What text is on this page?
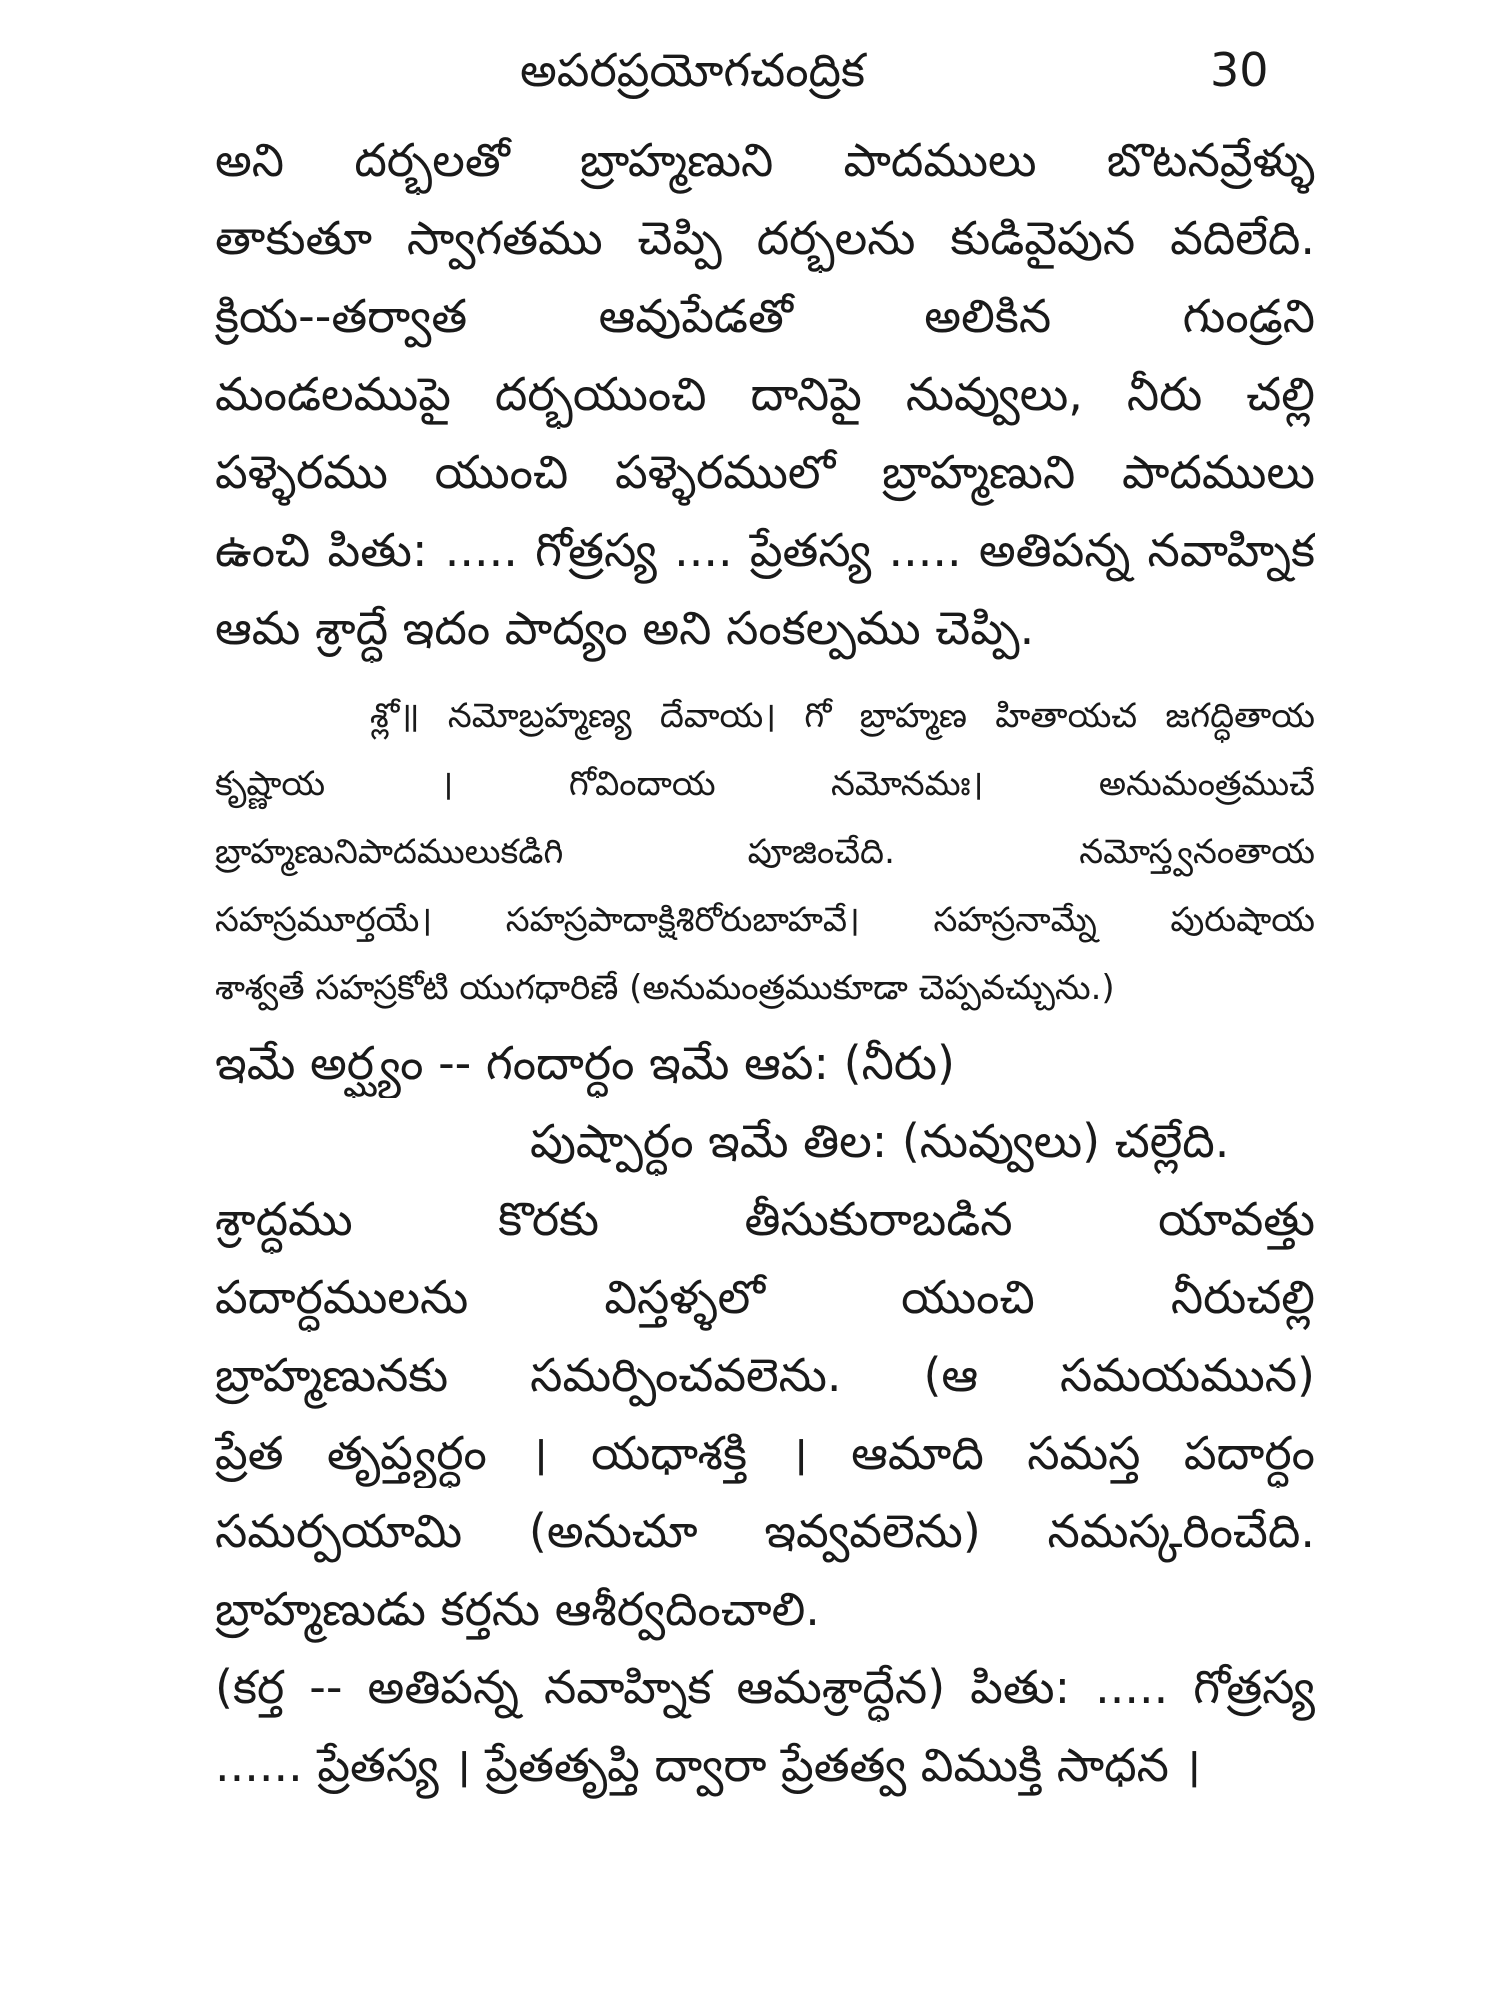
అపరప్రయోగచంద్రిక	30
అని దర్భలతో బ్రాహ్మణుని పాదములు బొటనవ్రేళ్ళు
తాకుతూ స్వాగతము చెప్పి దర్భలను కుడివైపున వదిలేది.
క్రియ--తర్వాత ఆవుపేడతో అలికిన గుండ్రని
మండలముపై దర్భయుంచి దానిపై నువ్వులు, నీరు చల్లి
పళ్ళెరము యుంచి పళ్ళెరములో బ్రాహ్మణుని పాదములు
ఉంచి పితు: ..... గోత్రస్య .... ప్రేతస్య ..... అతిపన్న నవాహ్నిక
ఆమ శ్రాద్ధే ఇదం పాద్యం అని సంకల్పము చెప్పి.
శ్లో॥ నమోబ్రహ్మణ్య దేవాయ। గో బ్రాహ్మణ హితాయచ జగద్ధితాయ
కృష్ణాయ । గోవిందాయ నమోనమః। అనుమంత్రముచే
బ్రాహ్మణునిపాదములుకడిగి పూజించేది. నమోస్త్వనంతాయ
సహస్రమూర్తయే। సహస్రపాదాక్షిశిరోరుబాహవే। సహస్రనామ్నే పురుషాయ
శాశ్వతే సహస్రకోటి యుగధారిణే (అనుమంత్రముకూడా చెప్పవచ్చును.)
ఇమే అర్ఘ్యం -- గందార్ధం ఇమే ఆప: (నీరు)
పుష్పార్ధం ఇమే తిల: (నువ్వులు) చల్లేది.
శ్రాద్ధము కొరకు తీసుకురాబడిన యావత్తు
పదార్ధములను విస్తళ్ళలో యుంచి నీరుచల్లి
బ్రాహ్మణునకు సమర్పించవలెను. (ఆ సమయమున)
ప్రేత తృప్త్యర్ధం । యధాశక్తి । ఆమాది సమస్త పదార్ధం
సమర్పయామి (అనుచూ ఇవ్వవలెను) నమస్కరించేది.
బ్రాహ్మణుడు కర్తను ఆశీర్వదించాలి.
(కర్త -- అతిపన్న నవాహ్నిక ఆమశ్రాద్ధేన) పితు: ..... గోత్రస్య
...... ప్రేతస్య । ప్రేతతృప్తి ద్వారా ప్రేతత్వ విముక్తి సాధన ।
